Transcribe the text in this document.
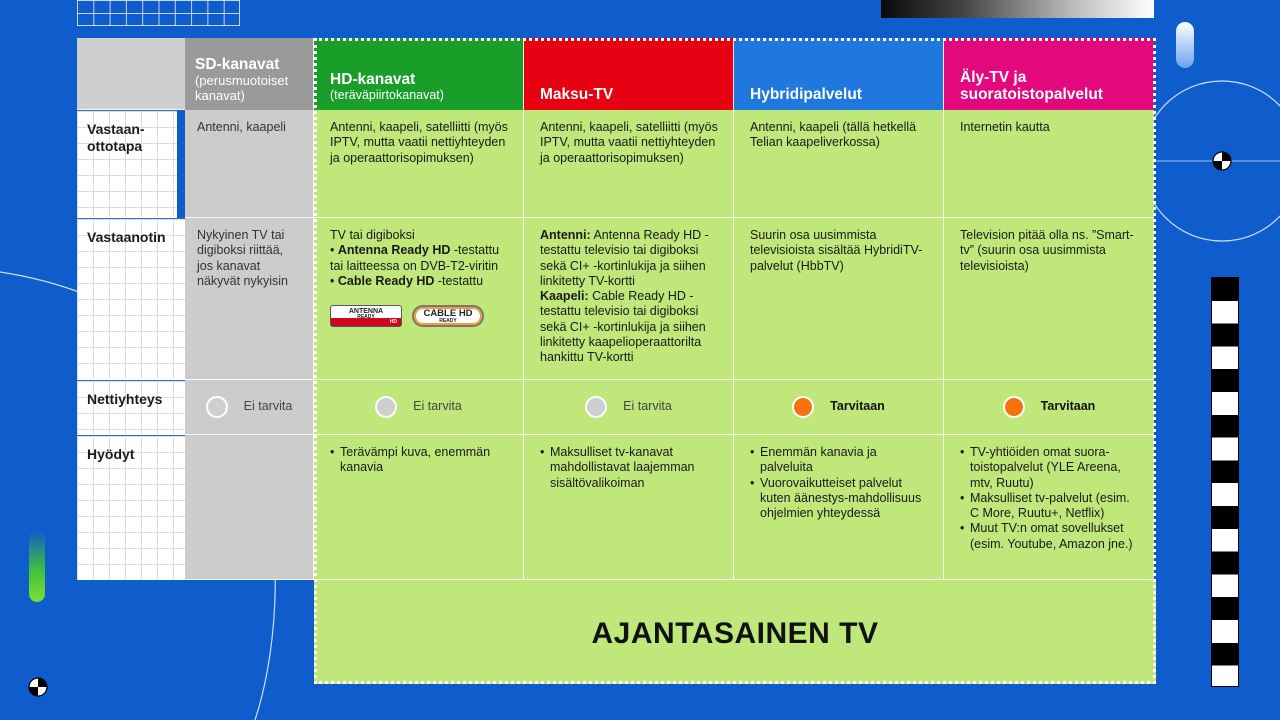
AJANTASAINEN TV
SD-kanavat
(perusmuotoiset kanavat)
HD-kanavat
(teräväpiirtokanavat)	Maksu-TV	Hybridipalvelut
Äly-TV ja suoratoistopalvelut
Vastaan-ottotapa
Antenni, kaapeli	Antenni, kaapeli, satelliitti (myös IPTV, mutta vaatii nettiyhteyden ja operaattorisopimuksen)
Antenni, kaapeli, satelliitti (myös IPTV, mutta vaatii nettiyhteyden ja operaattorisopimuksen)
Antenni, kaapeli (tällä hetkellä Telian kaapeliverkossa)
Internetin kautta
Vastaanotin	Nykyinen TV tai digiboksi riittää, jos kanavat näkyvät nykyisin
TV tai digiboksi
• Antenna Ready HD -testattu tai laitteessa on DVB-T2-viritin
• Cable Ready HD -testattu
ANTENNA
READY
HD
CABLE HD
READY
Antenni: Antenna Ready HD -testattu televisio tai digiboksi sekä CI+ -kortinlukija ja siihen linkitetty TV-kortti
Kaapeli: Cable Ready HD -testattu televisio tai digiboksi sekä CI+ -kortinlukija ja siihen linkitetty kaapelioperaattorilta hankittu TV-kortti
Suurin osa uusimmista televisioista sisältää HybridiTV-palvelut (HbbTV)
Television pitää olla ns. ”Smart-tv” (suurin osa uusimmista televisioista)
Nettiyhteys	Ei tarvita	Ei tarvita	Ei tarvita	Tarvitaan	Tarvitaan
Hyödyt
•	Terävämpi kuva, enemmän kanavia
• Maksulliset tv-kanavat mahdollistavat laajemman sisältövalikoiman
• Enemmän kanavia ja palveluita
• Vuorovaikutteiset palvelut kuten äänestys-mahdollisuus ohjelmien yhteydessä
• TV-yhtiöiden omat suora-toistopalvelut (YLE Areena, mtv, Ruutu)
• Maksulliset tv-palvelut (esim. C More, Ruutu+, Netflix)
• Muut TV:n omat sovellukset (esim. Youtube, Amazon jne.)
